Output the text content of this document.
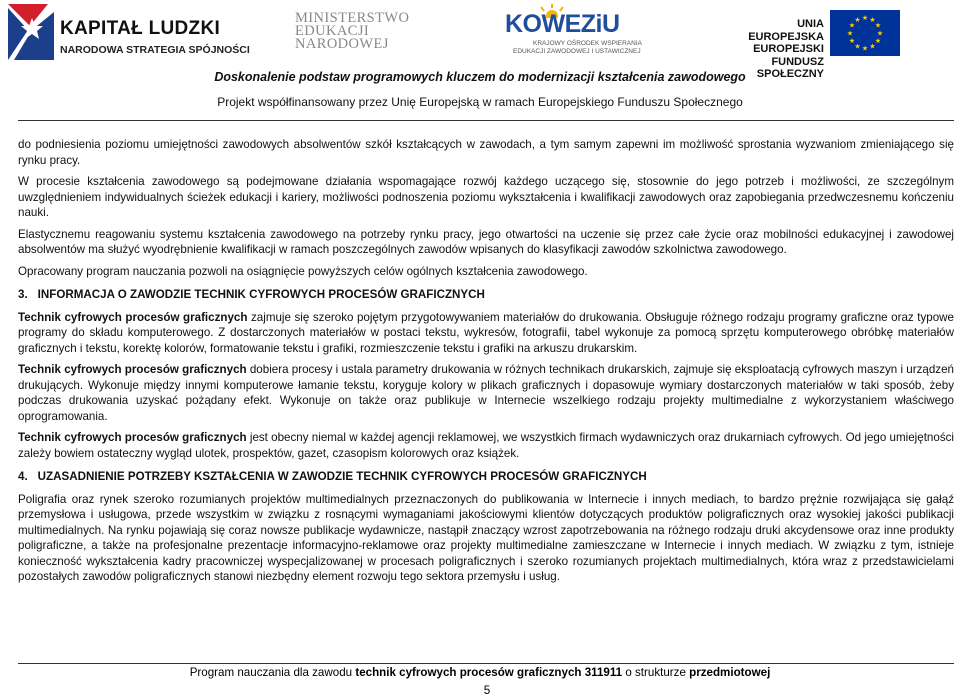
KAPITAŁ LUDZKI
NARODOWA STRATEGIA SPÓJNOŚCI
MINISTERSTWO
EDUKACJI
NARODOWEJ
KOWEZiU
KRAJOWY OŚRODEK WSPIERANIA
EDUKACJI ZAWODOWEJ I USTAWICZNEJ
UNIA EUROPEJSKA
EUROPEJSKI
FUNDUSZ SPOŁECZNY
★ ★
★
★
★
★
★
★
★
★
★
★
Doskonalenie podstaw programowych kluczem do modernizacji kształcenia zawodowego
Projekt współfinansowany przez Unię Europejską w ramach Europejskiego Funduszu Społecznego

do podniesienia poziomu umiejętności zawodowych absolwentów szkół kształcących w zawodach, a tym samym zapewni im możliwość sprostania wyzwaniom zmieniającego się rynku pracy.

W procesie kształcenia zawodowego są podejmowane działania wspomagające rozwój każdego uczącego się, stosownie do jego potrzeb i możliwości, ze szczególnym uwzględnieniem indywidualnych ścieżek edukacji i kariery, możliwości podnoszenia poziomu wykształcenia i kwalifikacji zawodowych oraz zapobiegania przedwczesnemu kończeniu nauki.

Elastycznemu reagowaniu systemu kształcenia zawodowego na potrzeby rynku pracy, jego otwartości na uczenie się przez całe życie oraz mobilności edukacyjnej i zawodowej absolwentów ma służyć wyodrębnienie kwalifikacji w ramach poszczególnych zawodów wpisanych do klasyfikacji zawodów szkolnictwa zawodowego.

Opracowany program nauczania pozwoli na osiągnięcie powyższych celów ogólnych kształcenia zawodowego.

3. INFORMACJA O ZAWODZIE TECHNIK CYFROWYCH PROCESÓW GRAFICZNYCH

Technik cyfrowych procesów graficznych zajmuje się szeroko pojętym przygotowywaniem materiałów do drukowania. Obsługuje różnego rodzaju programy graficzne oraz typowe programy do składu komputerowego. Z dostarczonych materiałów w postaci tekstu, wykresów, fotografii, tabel wykonuje za pomocą sprzętu komputerowego obróbkę materiałów graficznych i tekstu, korektę kolorów, formatowanie tekstu i grafiki, rozmieszczenie tekstu i grafiki na arkuszu drukarskim.

Technik cyfrowych procesów graficznych dobiera procesy i ustala parametry drukowania w różnych technikach drukarskich, zajmuje się eksploatacją cyfrowych maszyn i urządzeń drukujących. Wykonuje między innymi komputerowe łamanie tekstu, koryguje kolory w plikach graficznych i dopasowuje wymiary dostarczonych materiałów w taki sposób, żeby podczas drukowania uzyskać pożądany efekt. Wykonuje on także oraz publikuje w Internecie wszelkiego rodzaju projekty multimedialne z wykorzystaniem właściwego oprogramowania.

Technik cyfrowych procesów graficznych jest obecny niemal w każdej agencji reklamowej, we wszystkich firmach wydawniczych oraz drukarniach cyfrowych. Od jego umiejętności zależy bowiem ostateczny wygląd ulotek, prospektów, gazet, czasopism kolorowych oraz książek.

4. UZASADNIENIE POTRZEBY KSZTAŁCENIA W ZAWODZIE TECHNIK CYFROWYCH PROCESÓW GRAFICZNYCH

Poligrafia oraz rynek szeroko rozumianych projektów multimedialnych przeznaczonych do publikowania w Internecie i innych mediach, to bardzo prężnie rozwijająca się gałąź przemysłowa i usługowa, przede wszystkim w związku z rosnącymi wymaganiami jakościowymi klientów dotyczących produktów poligraficznych oraz wysokiej jakości publikacji multimedialnych. Na rynku pojawiają się coraz nowsze publikacje wydawnicze, nastąpił znaczący wzrost zapotrzebowania na różnego rodzaju druki akcydensowe oraz inne produkty poligraficzne, a także na profesjonalne prezentacje informacyjno-reklamowe oraz projekty multimedialne zamieszczane w Internecie i innych mediach. W związku z tym, istnieje konieczność wykształcenia kadry pracowniczej wyspecjalizowanej w procesach poligraficznych i szeroko rozumianych projektach multimedialnych, która wraz z przedstawicielami pozostałych zawodów poligraficznych stanowi niezbędny element rozwoju tego sektora przemysłu i usług.

Program nauczania dla zawodu technik cyfrowych procesów graficznych 311911 o strukturze przedmiotowej
5
